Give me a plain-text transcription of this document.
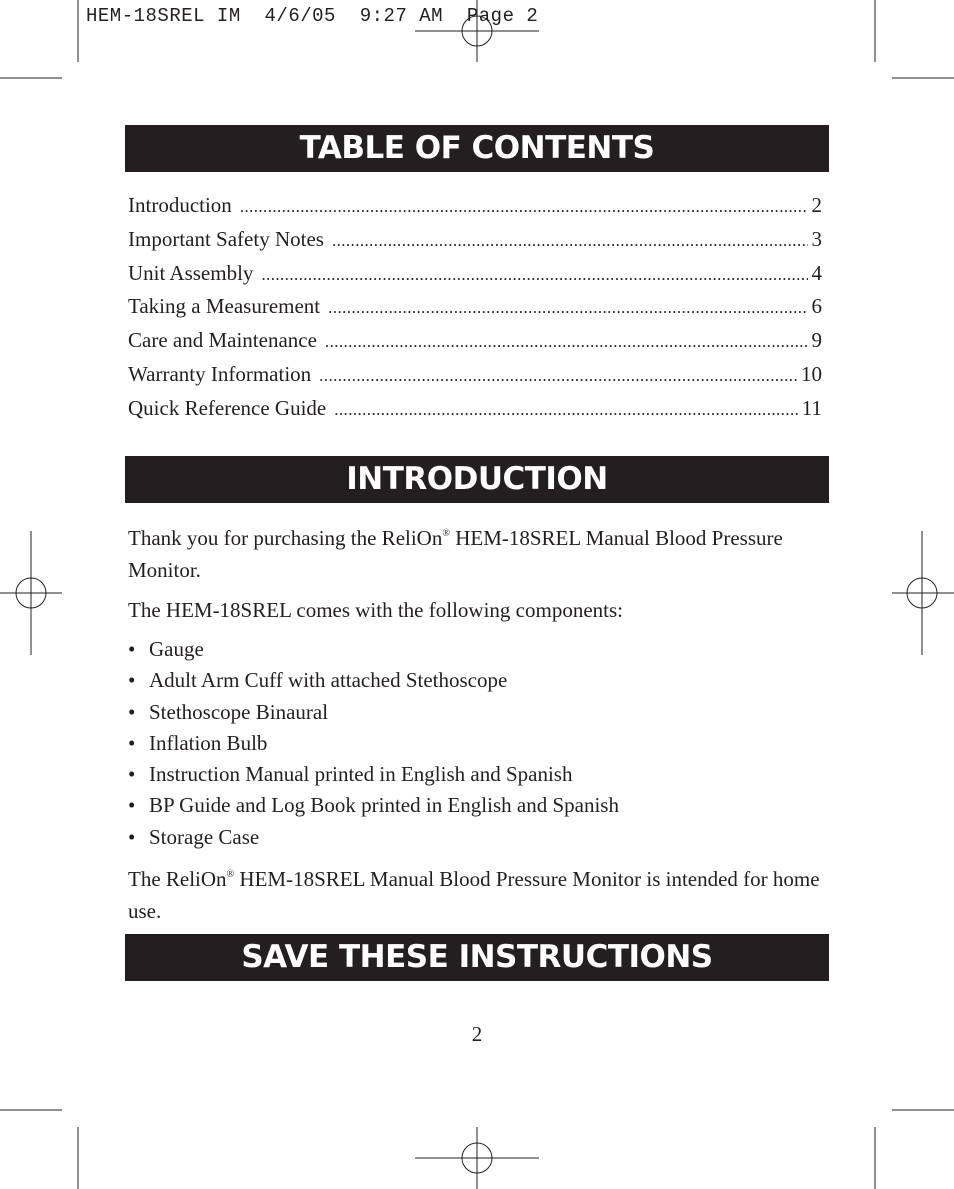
HEM-18SREL IM  4/6/05  9:27 AM  Page 2
TABLE OF CONTENTS
Introduction .....	2
Important Safety Notes .....	3
Unit Assembly .....	4
Taking a Measurement .....	6
Care and Maintenance .....	9
Warranty Information .....	10
Quick Reference Guide .....	11
INTRODUCTION

Thank you for purchasing the ReliOn® HEM-18SREL Manual Blood Pressure Monitor.

The HEM-18SREL comes with the following components:

• Gauge
• Adult Arm Cuff with attached Stethoscope
• Stethoscope Binaural
• Inflation Bulb
• Instruction Manual printed in English and Spanish
• BP Guide and Log Book printed in English and Spanish
• Storage Case

The ReliOn® HEM-18SREL Manual Blood Pressure Monitor is intended for home use.

SAVE THESE INSTRUCTIONS
2
